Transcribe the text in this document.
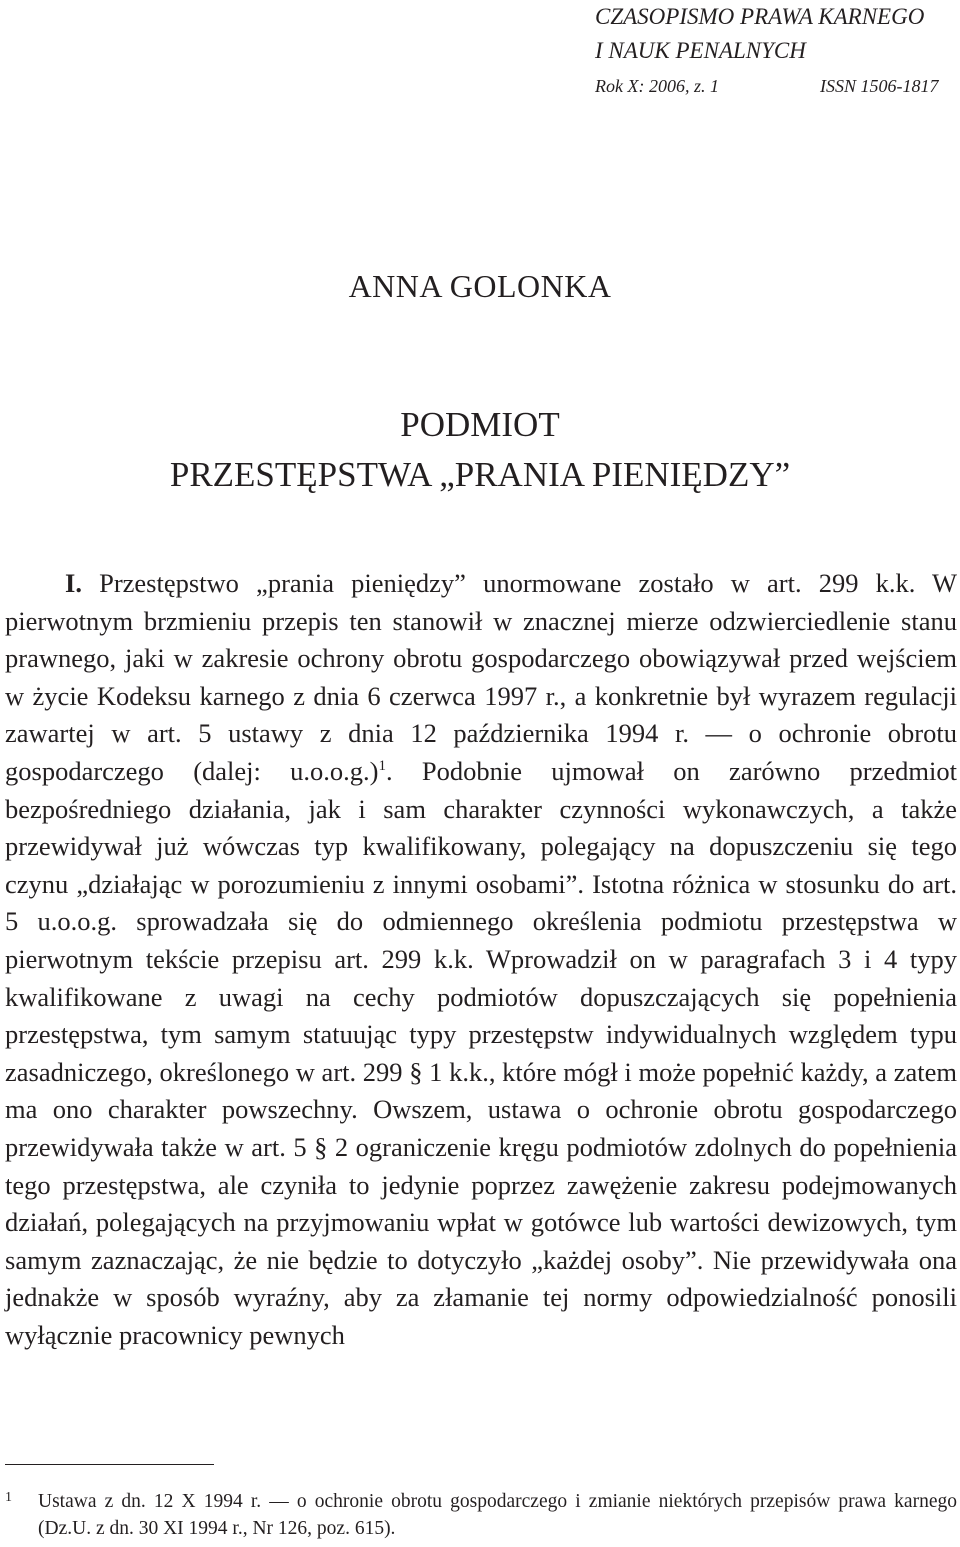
CZASOPISMO PRAWA KARNEGO
I NAUK PENALNYCH
Rok X: 2006, z. 1	ISSN 1506-1817
ANNA GOLONKA
PODMIOT
PRZESTĘPSTWA „PRANIA PIENIĘDZY”

I. Przestępstwo „prania pieniędzy” unormowane zostało w art. 299 k.k. W pierwotnym brzmieniu przepis ten stanowił w znacznej mierze odzwierciedlenie stanu prawnego, jaki w zakresie ochrony obrotu gospodarczego obowiązywał przed wejściem w życie Kodeksu karnego z dnia 6 czerwca 1997 r., a konkretnie był wyrazem regulacji zawartej w art. 5 ustawy z dnia 12 października 1994 r. — o ochronie obrotu gospodarczego (dalej: u.o.o.g.)$^1$. Podobnie ujmował on zarówno przedmiot bezpośredniego działania, jak i sam charakter czynności wykonawczych, a także przewidywał już wówczas typ kwalifikowany, polegający na dopuszczeniu się tego czynu „działając w porozumieniu z innymi osobami”. Istotna różnica w stosunku do art. 5 u.o.o.g. sprowadzała się do odmiennego określenia podmiotu przestępstwa w pierwotnym tekście przepisu art. 299 k.k. Wprowadził on w paragrafach 3 i 4 typy kwalifikowane z uwagi na cechy podmiotów dopuszczających się popełnienia przestępstwa, tym samym statuując typy przestępstw indywidualnych względem typu zasadniczego, określonego w art. 299 § 1 k.k., które mógł i może popełnić każdy, a zatem ma ono charakter powszechny. Owszem, ustawa o ochronie obrotu gospodarczego przewidywała także w art. 5 § 2 ograniczenie kręgu podmiotów zdolnych do popełnienia tego przestępstwa, ale czyniła to jedynie poprzez zawężenie zakresu podejmowanych działań, polegających na przyjmowaniu wpłat w gotówce lub wartości dewizowych, tym samym zaznaczając, że nie będzie to dotyczyło „każdej osoby”. Nie przewidywała ona jednakże w sposób wyraźny, aby za złamanie tej normy odpowiedzialność ponosili wyłącznie pracownicy pewnych

1 Ustawa z dn. 12 X 1994 r. — o ochronie obrotu gospodarczego i zmianie niektórych przepisów prawa karnego (Dz.U. z dn. 30 XI 1994 r., Nr 126, poz. 615).
